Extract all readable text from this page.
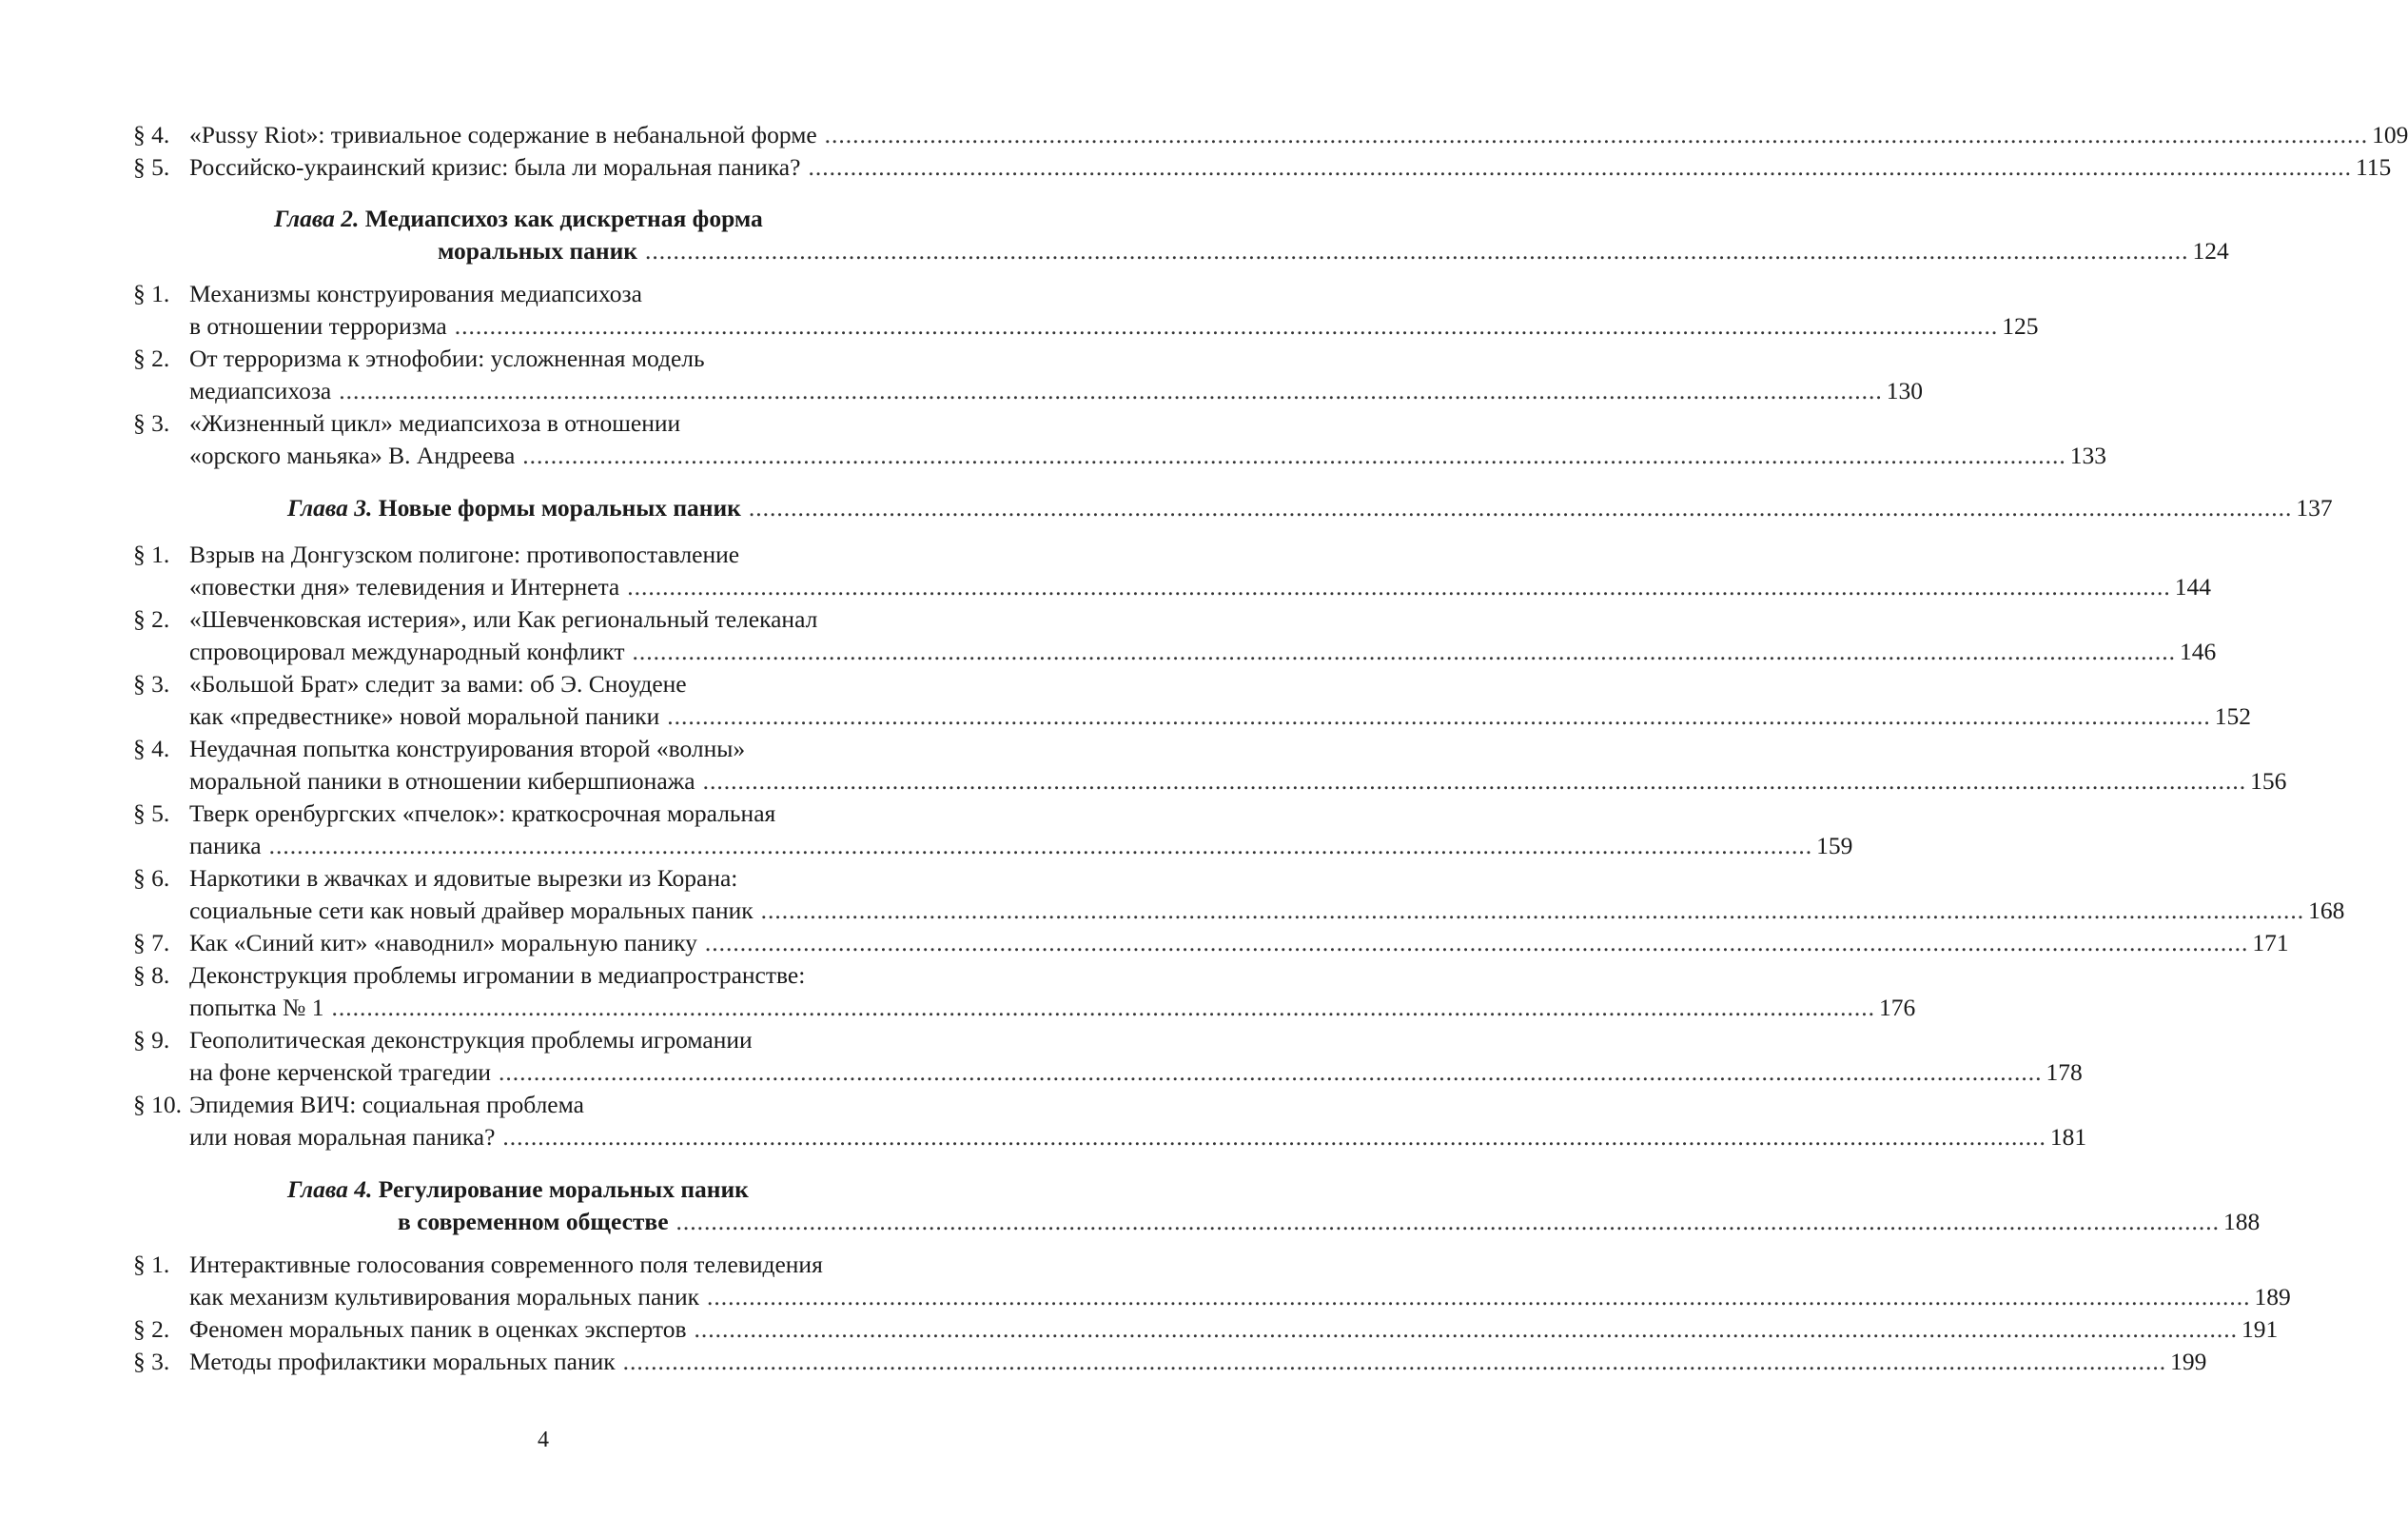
§ 4. «Pussy Riot»: тривиальное содержание в небанальной форме ............................................................................................................................................................................................................................ 109
§ 5. Российско-украинский кризис: была ли моральная паника? ............................................................................................................................................................................................................................ 115
Глава 2. Медиапсихоз как дискретная форма
моральных паник ............................................................................................................................................................................................................................ 124
§ 1. Механизмы конструирования медиапсихоза
в отношении терроризма ............................................................................................................................................................................................................................ 125
§ 2. От терроризма к этнофобии: усложненная модель
медиапсихоза ............................................................................................................................................................................................................................ 130
§ 3. «Жизненный цикл» медиапсихоза в отношении
«орского маньяка» В. Андреева ............................................................................................................................................................................................................................ 133
Глава 3. Новые формы моральных паник ............................................................................................................................................................................................................................ 137
§ 1. Взрыв на Донгузском полигоне: противопоставление
«повестки дня» телевидения и Интернета ............................................................................................................................................................................................................................ 144
§ 2. «Шевченковская истерия», или Как региональный телеканал
спровоцировал международный конфликт ............................................................................................................................................................................................................................ 146
§ 3. «Большой Брат» следит за вами: об Э. Сноудене
как «предвестнике» новой моральной паники ............................................................................................................................................................................................................................ 152
§ 4. Неудачная попытка конструирования второй «волны»
моральной паники в отношении кибершпионажа ............................................................................................................................................................................................................................ 156
§ 5. Тверк оренбургских «пчелок»: краткосрочная моральная
паника ............................................................................................................................................................................................................................ 159
§ 6. Наркотики в жвачках и ядовитые вырезки из Корана:
социальные сети как новый драйвер моральных паник ............................................................................................................................................................................................................................ 168
§ 7. Как «Синий кит» «наводнил» моральную панику ............................................................................................................................................................................................................................ 171
§ 8. Деконструкция проблемы игромании в медиапространстве:
попытка № 1 ............................................................................................................................................................................................................................ 176
§ 9. Геополитическая деконструкция проблемы игромании
на фоне керченской трагедии ............................................................................................................................................................................................................................ 178
§ 10. Эпидемия ВИЧ: социальная проблема
или новая моральная паника? ............................................................................................................................................................................................................................ 181
Глава 4. Регулирование моральных паник
в современном обществе ............................................................................................................................................................................................................................ 188
§ 1. Интерактивные голосования современного поля телевидения
как механизм культивирования моральных паник ............................................................................................................................................................................................................................ 189
§ 2. Феномен моральных паник в оценках экспертов ............................................................................................................................................................................................................................ 191
§ 3. Методы профилактики моральных паник ............................................................................................................................................................................................................................ 199
4
